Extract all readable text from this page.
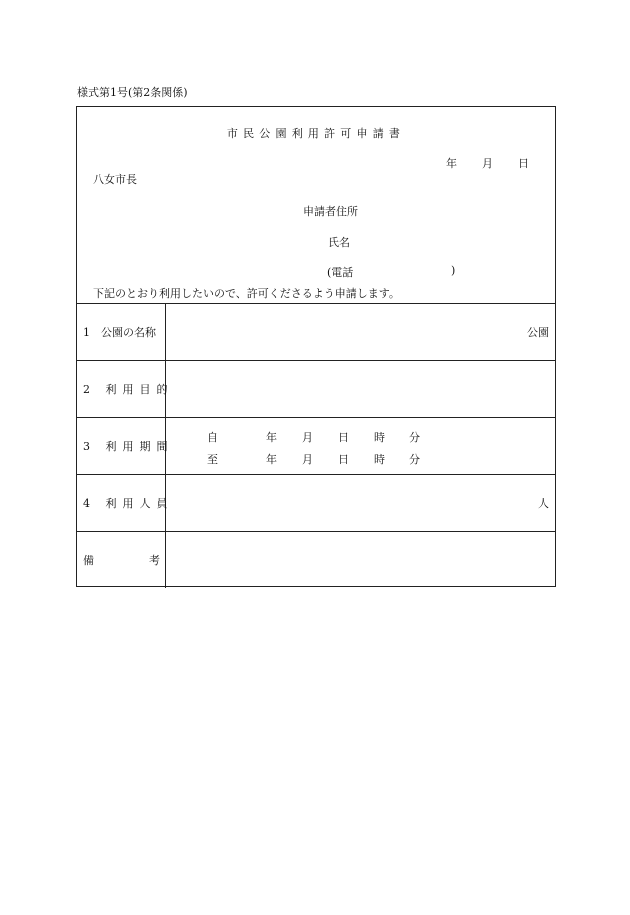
様式第1号(第2条関係)
市民公園利用許可申請書
年 月 日
八女市長
申請者住所
氏名
(電話	)
下記のとおり利用したいので、許可くださるよう申請します。
1　公園の名称	公園
2 利用目的
3 利用期間
自	年 月 日 時 分
至	年 月 日 時 分
4 利用人員	人
備	考
